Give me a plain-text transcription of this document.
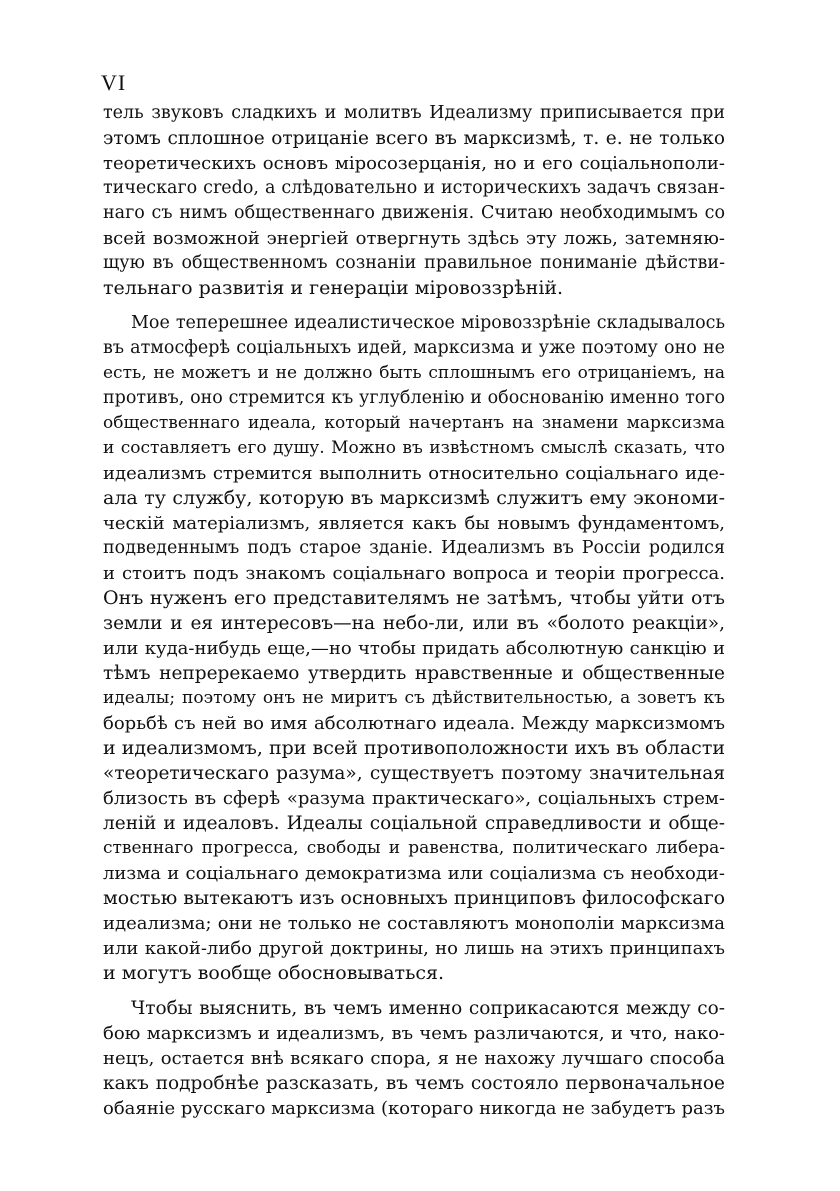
VI
тель звуковъ сладкихъ и молитвъ Идеализму приписывается при
этомъ сплошное отрицаніе всего въ марксизмѣ, т. е. не только
теоретическихъ основъ міросозерцанія, но и его соціальнополи-
тическаго credo, а слѣдовательно и историческихъ задачъ связан-
наго съ нимъ общественнаго движенія. Считаю необходимымъ со
всей возможной энергіей отвергнуть здѣсь эту ложь, затемняю-
щую въ общественномъ сознаніи правильное пониманіе дѣйстви-
тельнаго развитія и генераціи міровоззрѣній.
Мое теперешнее идеалистическое міровоззрѣніе складывалось
въ атмосферѣ соціальныхъ идей, марксизма и уже поэтому оно не
есть, не можетъ и не должно быть сплошнымъ его отрицаніемъ, на
противъ, оно стремится къ углубленію и обоснованію именно того
общественнаго идеала, который начертанъ на знамени марксизма
и составляетъ его душу. Можно въ извѣстномъ смыслѣ сказать, что
идеализмъ стремится выполнить относительно соціальнаго иде-
ала ту службу, которую въ марксизмѣ служитъ ему экономи-
ческій матеріализмъ, является какъ бы новымъ фундаментомъ,
подведеннымъ подъ старое зданіе. Идеализмъ въ Россіи родился
и стоитъ подъ знакомъ соціальнаго вопроса и теоріи прогресса.
Онъ нуженъ его представителямъ не затѣмъ, чтобы уйти отъ
земли и ея интересовъ—на небо-ли, или въ «болото реакціи»,
или куда-нибудь еще,—но чтобы придать абсолютную санкцію и
тѣмъ непререкаемо утвердить нравственные и общественные
идеалы; поэтому онъ не миритъ съ дѣйствительностью, а зоветъ къ
борьбѣ съ ней во имя абсолютнаго идеала. Между марксизмомъ
и идеализмомъ, при всей противоположности ихъ въ области
«теоретическаго разума», существуетъ поэтому значительная
близость въ сферѣ «разума практическаго», соціальныхъ стрем-
леній и идеаловъ. Идеалы соціальной справедливости и обще-
ственнаго прогресса, свободы и равенства, политическаго либера-
лизма и соціальнаго демократизма или соціализма съ необходи-
мостью вытекаютъ изъ основныхъ принциповъ философскаго
идеализма; они не только не составляютъ монополіи марксизма
или какой-либо другой доктрины, но лишь на этихъ принципахъ
и могутъ вообще обосновываться.
Чтобы выяснить, въ чемъ именно соприкасаются между со-
бою марксизмъ и идеализмъ, въ чемъ различаются, и что, нако-
нецъ, остается внѣ всякаго спора, я не нахожу лучшаго способа
какъ подробнѣе разсказать, въ чемъ состояло первоначальное
обаяніе русскаго марксизма (котораго никогда не забудетъ разъ
